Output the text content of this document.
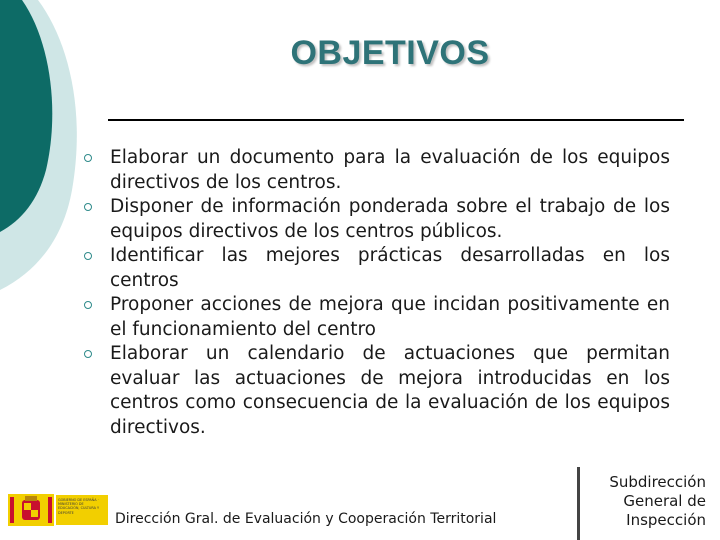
OBJETIVOS
Elaborar un documento para la evaluación de los equipos directivos de los centros.
Disponer de información ponderada sobre el trabajo de los equipos directivos de los centros públicos.
Identificar las mejores prácticas desarrolladas en los centros
Proponer acciones de mejora que incidan positivamente en el funcionamiento del centro
Elaborar un calendario de actuaciones que permitan evaluar las actuaciones de mejora introducidas en los centros como consecuencia de la evaluación de los equipos directivos.
GOBIERNO DE ESPAÑA · MINISTERIO DE EDUCACIÓN, CULTURA Y DEPORTE	Dirección Gral. de Evaluación y Cooperación Territorial
Subdirección
General de
Inspección
